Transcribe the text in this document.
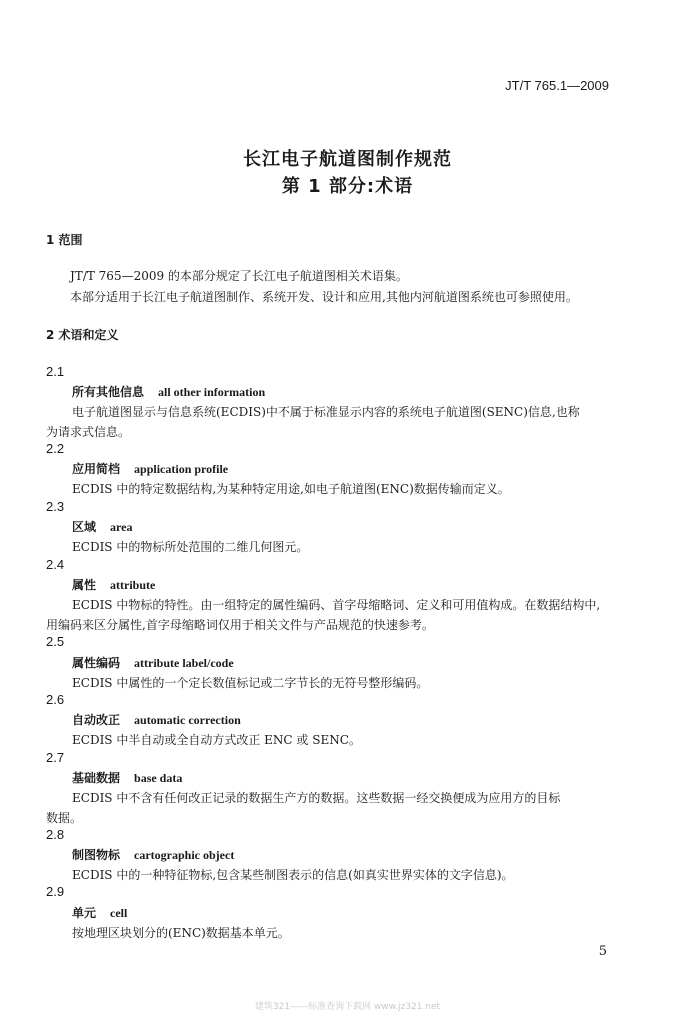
JT/T 765.1—2009
长江电子航道图制作规范
第 1 部分:术语
1 范围
JT/T 765—2009 的本部分规定了长江电子航道图相关术语集。
本部分适用于长江电子航道图制作、系统开发、设计和应用,其他内河航道图系统也可参照使用。
2 术语和定义
2.1
所有其他信息 all other information
电子航道图显示与信息系统(ECDIS)中不属于标准显示内容的系统电子航道图(SENC)信息,也称
为请求式信息。
2.2
应用简档 application profile
ECDIS 中的特定数据结构,为某种特定用途,如电子航道图(ENC)数据传输而定义。
2.3
区域 area
ECDIS 中的物标所处范围的二维几何图元。
2.4
属性 attribute
ECDIS 中物标的特性。由一组特定的属性编码、首字母缩略词、定义和可用值构成。在数据结构中,
用编码来区分属性,首字母缩略词仅用于相关文件与产品规范的快速参考。
2.5
属性编码 attribute label/code
ECDIS 中属性的一个定长数值标记或二字节长的无符号整形编码。
2.6
自动改正 automatic correction
ECDIS 中半自动或全自动方式改正 ENC 或 SENC。
2.7
基础数据 base data
ECDIS 中不含有任何改正记录的数据生产方的数据。这些数据一经交换便成为应用方的目标
数据。
2.8
制图物标 cartographic object
ECDIS 中的一种特征物标,包含某些制图表示的信息(如真实世界实体的文字信息)。
2.9
单元 cell
按地理区块划分的(ENC)数据基本单元。
5
建筑321——标准查询下载网 www.jz321.net
